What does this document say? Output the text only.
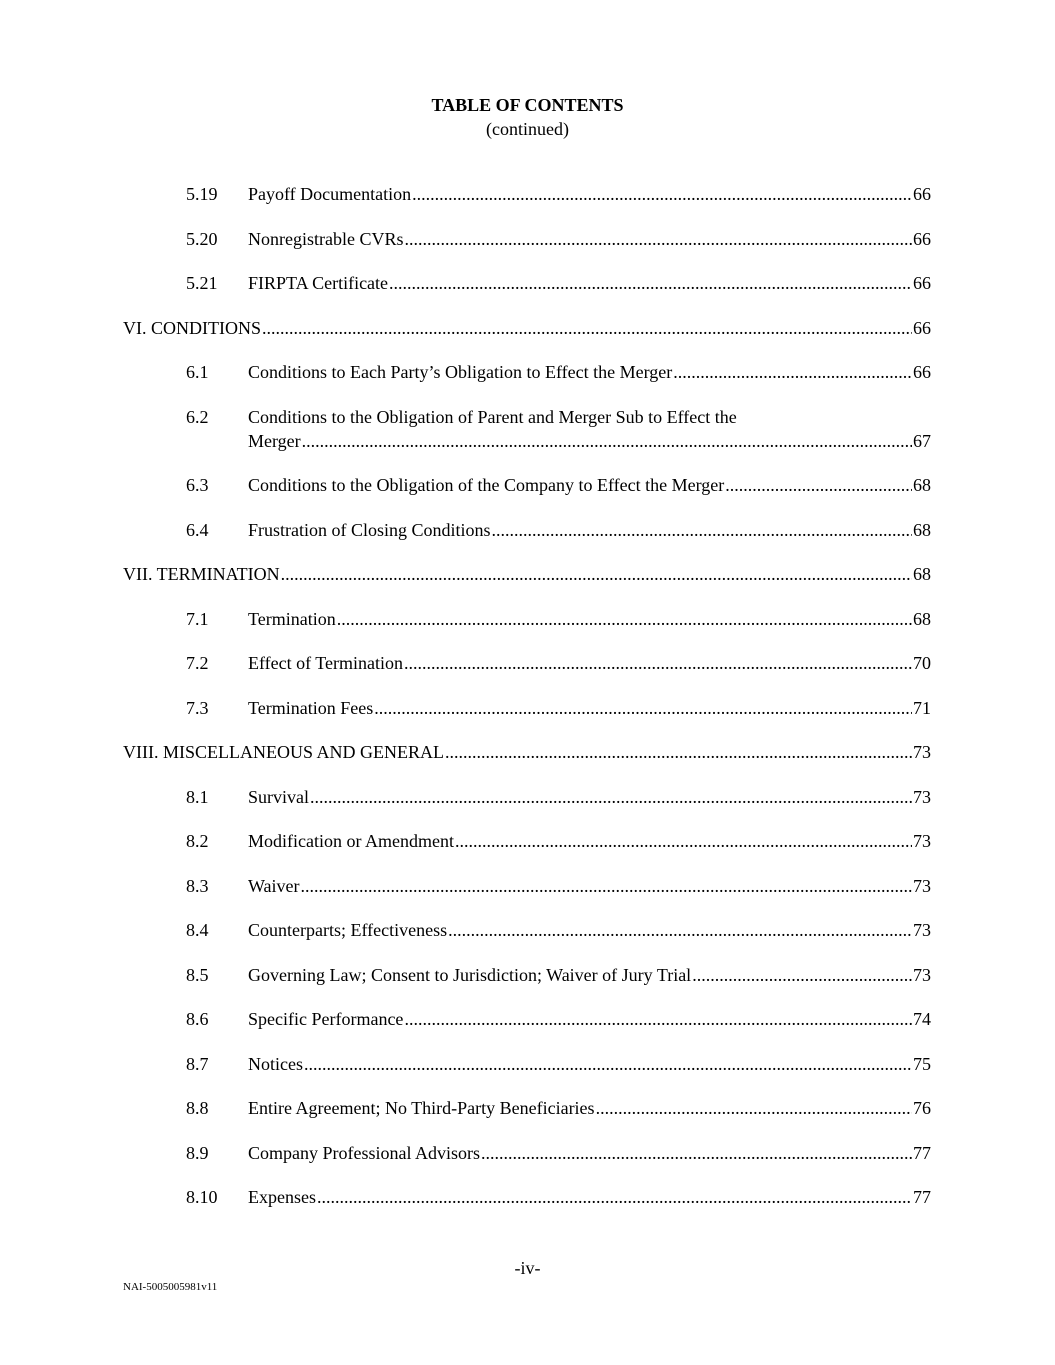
TABLE OF CONTENTS
(continued)
5.19 Payoff Documentation .....	66
5.20 Nonregistrable CVRs .....	66
5.21 FIRPTA Certificate .....	66
VI. CONDITIONS .....	66
6.1 Conditions to Each Party’s Obligation to Effect the Merger .....	66
6.2 Conditions to the Obligation of Parent and Merger Sub to Effect the
Merger .....	67
6.3 Conditions to the Obligation of the Company to Effect the Merger .....	68
6.4 Frustration of Closing Conditions .....	68
VII. TERMINATION .....	68
7.1 Termination .....	68
7.2 Effect of Termination .....	70
7.3 Termination Fees .....	71
VIII. MISCELLANEOUS AND GENERAL .....	73
8.1 Survival .....	73
8.2 Modification or Amendment .....	73
8.3 Waiver .....	73
8.4 Counterparts; Effectiveness .....	73
8.5 Governing Law; Consent to Jurisdiction; Waiver of Jury Trial .....	73
8.6 Specific Performance .....	74
8.7 Notices .....	75
8.8 Entire Agreement; No Third-Party Beneficiaries .....	76
8.9 Company Professional Advisors .....	77
8.10 Expenses .....	77
-iv-
NAI-5005005981v11
